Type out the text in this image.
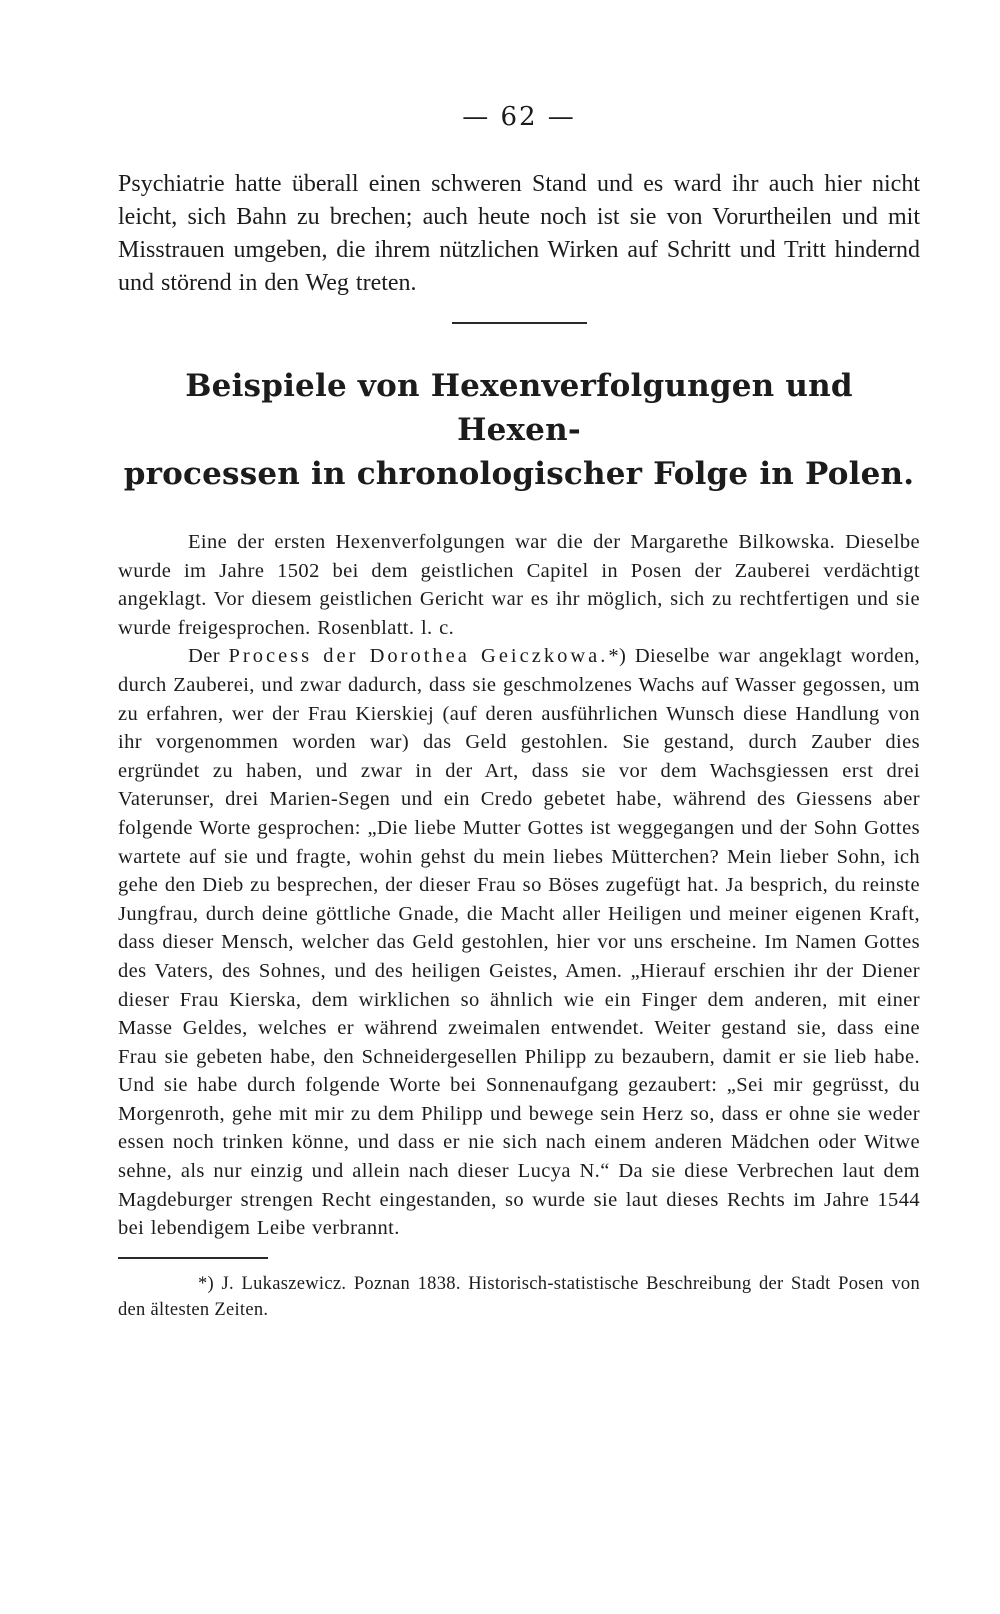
— 62 —

Psychiatrie hatte überall einen schweren Stand und es ward ihr auch hier nicht leicht, sich Bahn zu brechen; auch heute noch ist sie von Vorurtheilen und mit Misstrauen umgeben, die ihrem nützlichen Wirken auf Schritt und Tritt hindernd und störend in den Weg treten.

Beispiele von Hexenverfolgungen und Hexen-
processen in chronologischer Folge in Polen.

Eine der ersten Hexenverfolgungen war die der Margarethe Bilkowska. Dieselbe wurde im Jahre 1502 bei dem geistlichen Capitel in Posen der Zauberei verdächtigt angeklagt. Vor diesem geistlichen Gericht war es ihr möglich, sich zu rechtfertigen und sie wurde freigesprochen. Rosenblatt. l. c.

Der Process der Dorothea Geiczkowa.*) Dieselbe war angeklagt worden, durch Zauberei, und zwar dadurch, dass sie geschmolzenes Wachs auf Wasser gegossen, um zu erfahren, wer der Frau Kierskiej (auf deren ausführlichen Wunsch diese Handlung von ihr vorgenommen worden war) das Geld gestohlen. Sie gestand, durch Zauber dies ergründet zu haben, und zwar in der Art, dass sie vor dem Wachsgiessen erst drei Vaterunser, drei Marien-Segen und ein Credo gebetet habe, während des Giessens aber folgende Worte gesprochen: „Die liebe Mutter Gottes ist weggegangen und der Sohn Gottes wartete auf sie und fragte, wohin gehst du mein liebes Mütterchen? Mein lieber Sohn, ich gehe den Dieb zu besprechen, der dieser Frau so Böses zugefügt hat. Ja besprich, du reinste Jungfrau, durch deine göttliche Gnade, die Macht aller Heiligen und meiner eigenen Kraft, dass dieser Mensch, welcher das Geld gestohlen, hier vor uns erscheine. Im Namen Gottes des Vaters, des Sohnes, und des heiligen Geistes, Amen. „Hierauf erschien ihr der Diener dieser Frau Kierska, dem wirklichen so ähnlich wie ein Finger dem anderen, mit einer Masse Geldes, welches er während zweimalen entwendet. Weiter gestand sie, dass eine Frau sie gebeten habe, den Schneidergesellen Philipp zu bezaubern, damit er sie lieb habe. Und sie habe durch folgende Worte bei Sonnenaufgang gezaubert: „Sei mir gegrüsst, du Morgenroth, gehe mit mir zu dem Philipp und bewege sein Herz so, dass er ohne sie weder essen noch trinken könne, und dass er nie sich nach einem anderen Mädchen oder Witwe sehne, als nur einzig und allein nach dieser Lucya N.“ Da sie diese Verbrechen laut dem Magdeburger strengen Recht eingestanden, so wurde sie laut dieses Rechts im Jahre 1544 bei lebendigem Leibe verbrannt.

*) J. Lukaszewicz. Poznan 1838. Historisch-statistische Beschreibung der Stadt Posen von den ältesten Zeiten.
